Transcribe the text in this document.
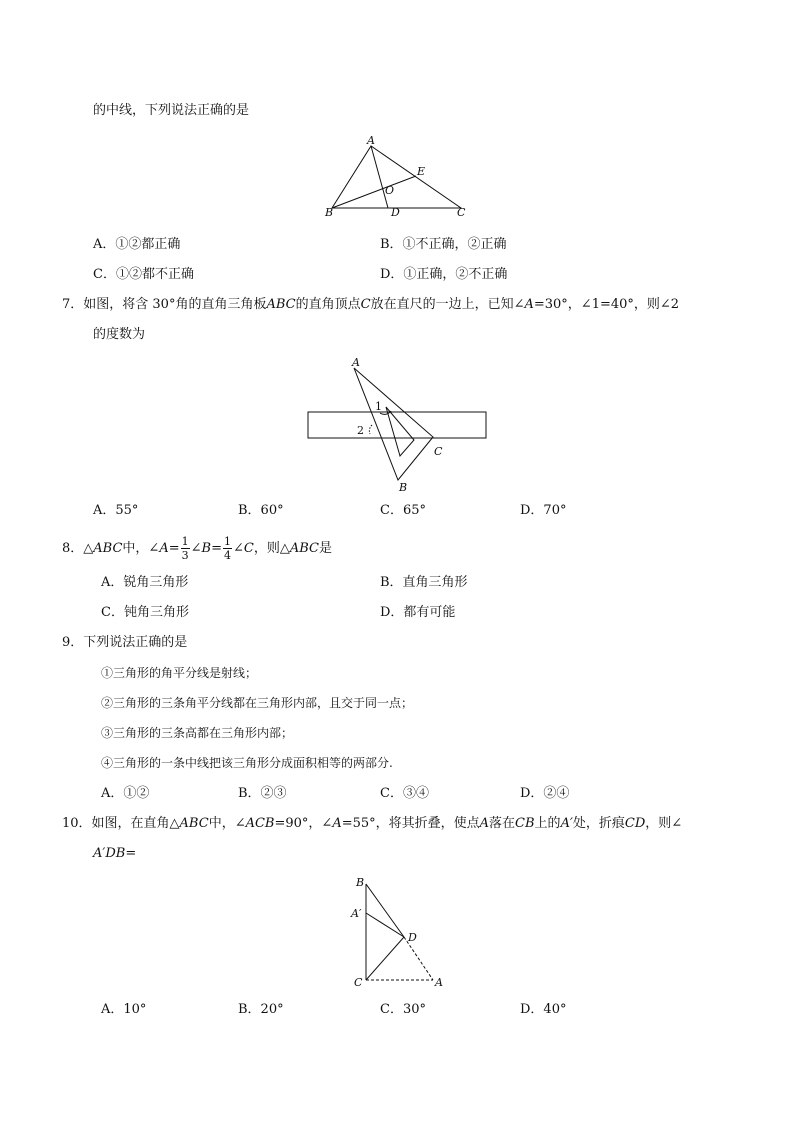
的中线，下列说法正确的是
A
B	C
D
E
O
A．①②都正确	B．①不正确，②正确
C．①②都不正确	D．①正确，②不正确
7．如图，将含 30°角的直角三角板ABC的直角顶点C放在直尺的一边上，已知∠A=30°，∠1=40°，则∠2
的度数为
A
B
C
1
2
A．55°	B．60°	C．65°	D．70°
8．△ABC中，∠A= $\frac{1}{3}$ ∠B= $\frac{1}{4}$ ∠C，则△ABC是
A．锐角三角形	B．直角三角形
C．钝角三角形	D．都有可能
9．下列说法正确的是
①三角形的角平分线是射线；
②三角形的三条角平分线都在三角形内部，且交于同一点；
③三角形的三条高都在三角形内部；
④三角形的一条中线把该三角形分成面积相等的两部分.
A．①②	B．②③	C．③④	D．②④
10．如图，在直角△ABC中，∠ACB=90°，∠A=55°，将其折叠，使点A落在CB上的A′处，折痕CD，则∠
A′DB=
B
A′
D
C	A
A．10°	B．20°	C．30°	D．40°
